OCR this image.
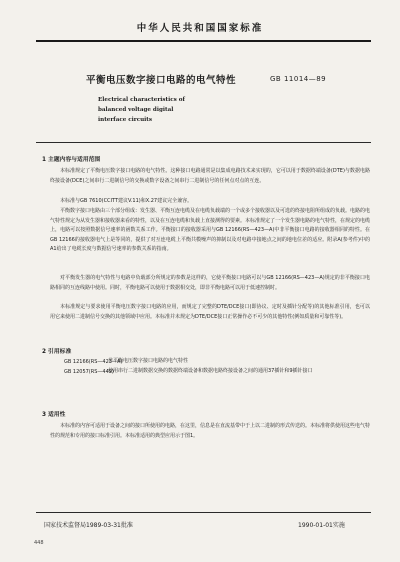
中华人民共和国国家标准
平衡电压数字接口电路的电气特性	GB 11014—89
Electrical characteristics of
balanced voltage digital
interface circuits
1 主题内容与适用范围
本标准规定了平衡电压数字接口电路的电气特性。这种接口电路通常是以集成电路技术来实现的，它可以用于数据终端设备(DTE)与数据电路终接设备(DCE)之间串行二进制信号的交换或数字设备之间串行二进制信号的任何点对点的互连。
本标准与GB 7610(CCITT建议V.11)和X.27建议完全兼容。
平衡数字接口电路由三个部分组成：发生器、平衡互连电缆及在电缆负载端的一个或多个接收器以及可选的终接电阻所组成的负载。电路的电气特性规定为从发生器和接收器来看的特性，以及在互连电缆和负载上直接测得的要素。本标准规定了一个发生器电路的电气特性，在规定的电缆上，电路可以按照数据信号速率的函数关系工作。平衡接口的接收器采用与GB 12166(RS—423—A)中非平衡接口电路的接收器相同的特性。在GB 12166的接收器电气上是等同的，提供了对互连电缆上平衡共模噪声的抑制以及对电路中接地点之间的地电位差的适应。附录A(参考件)中的A1给出了电缆长度与数据信号速率的参数关系的指南。
对平衡发生器的电气特性与电路中负载部分所规定的参数是这样的，它使平衡接口电路可以与GB 12166(RS—423—A)规定的非平衡接口电路相同的互连线路中使用。同时，平衡电路可以使用于数据相交处，即非平衡电路可以用于低速控制时。
本标准规定与要求使用平衡电压数字接口电路的应用，而规定了完整的DTE/DCE接口(即协议、定时及插针分配等)的其他标准引用，也可以用它来使用二进制信号交换的其他领域中应用。本标准并未规定为DTE/DCE接口正常操作必不可少的其他特性(例如质量和可靠性等)。
2 引用标准
GB 12166(RS—423—A)
非平衡电压数字接口电路的电气特性
GB 12057(RS—449)
使用串行二进制数据交换的数据终端设备和数据电路终接设备之间的通用37插针和9插针接口
3 适用性
本标准的内容可适用于设备之间的接口所使用的电路，在这里，信息是在直流基带中于上以二进制的形式传送的。本标准将供使用这些电气特性的规范和专用的接口标准引用。本标准适用的典型应用示于图1。
国家技术监督局1989-03-31批准	1990-01-01实施
448
